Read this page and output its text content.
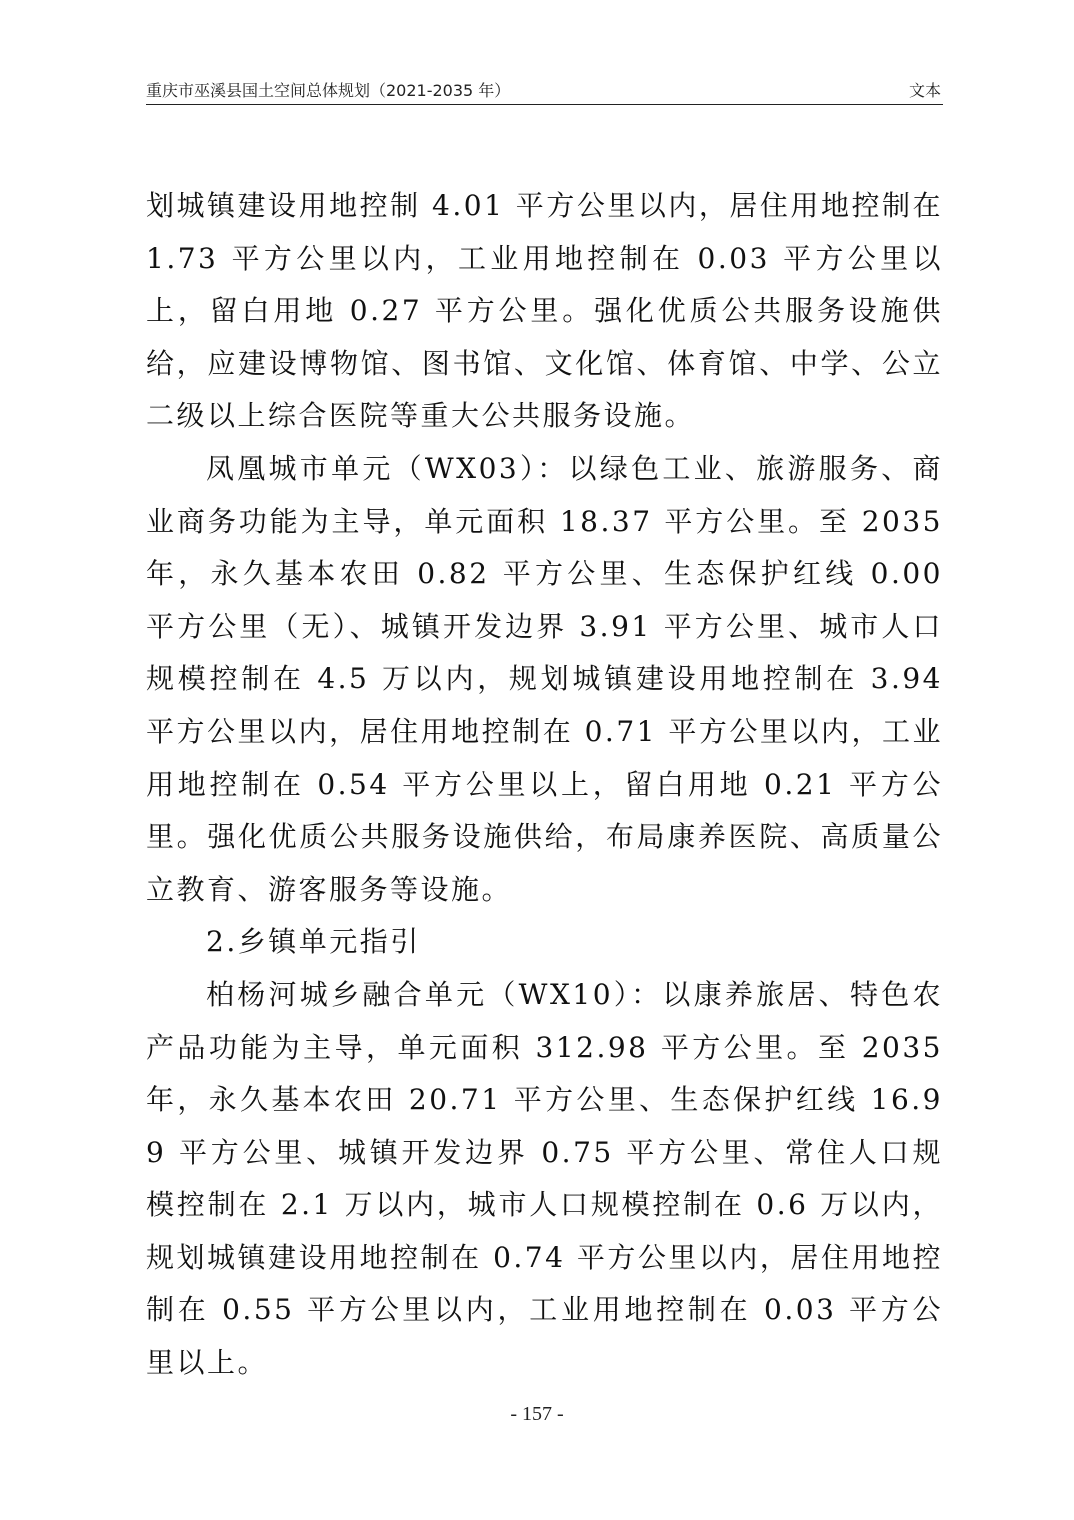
重庆市巫溪县国土空间总体规划（2021-2035 年）	文本

划城镇建设用地控制 4.01 平方公里以内，居住用地控制在 1.73 平方公里以内，工业用地控制在 0.03 平方公里以上，留白用地 0.27 平方公里。强化优质公共服务设施供给，应建设博物馆、图书馆、文化馆、体育馆、中学、公立二级以上综合医院等重大公共服务设施。

凤凰城市单元（WX03）：以绿色工业、旅游服务、商业商务功能为主导，单元面积 18.37 平方公里。至 2035 年，永久基本农田 0.82 平方公里、生态保护红线 0.00 平方公里（无）、城镇开发边界 3.91 平方公里、城市人口规模控制在 4.5 万以内，规划城镇建设用地控制在 3.94 平方公里以内，居住用地控制在 0.71 平方公里以内，工业用地控制在 0.54 平方公里以上，留白用地 0.21 平方公里。强化优质公共服务设施供给，布局康养医院、高质量公立教育、游客服务等设施。

2.乡镇单元指引

柏杨河城乡融合单元（WX10）：以康养旅居、特色农产品功能为主导，单元面积 312.98 平方公里。至 2035 年，永久基本农田 20.71 平方公里、生态保护红线 16.99 平方公里、城镇开发边界 0.75 平方公里、常住人口规模控制在 2.1 万以内，城市人口规模控制在 0.6 万以内，规划城镇建设用地控制在 0.74 平方公里以内，居住用地控制在 0.55 平方公里以内，工业用地控制在 0.03 平方公里以上。

- 157 -
